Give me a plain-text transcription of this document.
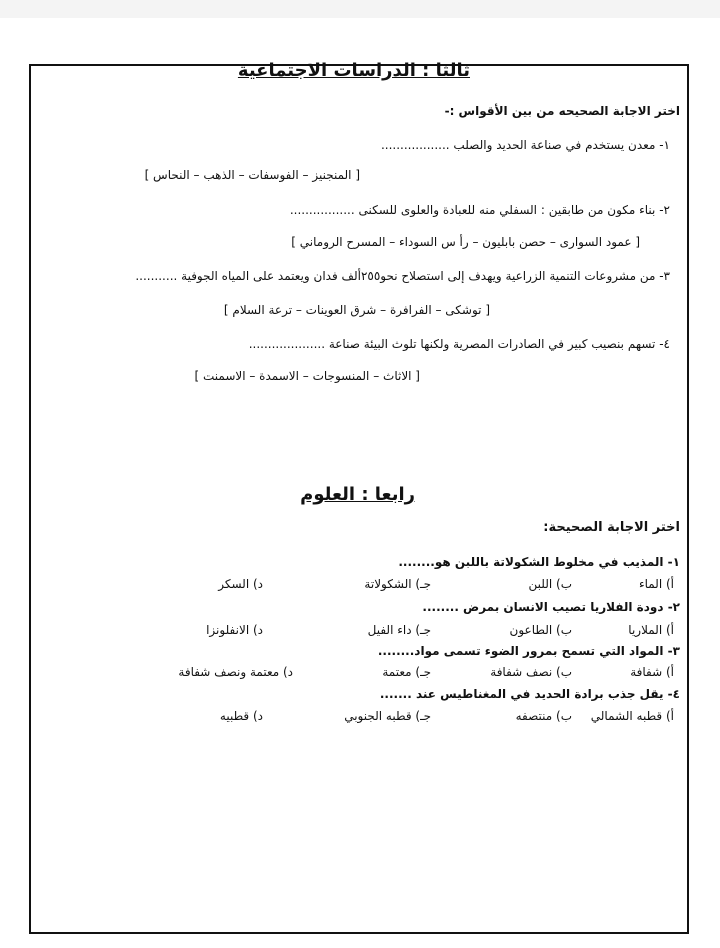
ثالثا : الدراسات الاجتماعية
اختر الاجابة الصحيحه من بين الأقواس :-
١- معدن يستخدم في صناعة الحديد والصلب ..................
[ المنجنيز – الفوسفات – الذهب – النحاس ]
٢- بناء مكون من طابقين : السفلي منه للعبادة والعلوى للسكنى .................
[ عمود السوارى – حصن بابليون – رأ س السوداء – المسرح الروماني ]
٣- من مشروعات التنمية الزراعية ويهدف إلى استصلاح نحو٢٥٥ألف فدان ويعتمد على المياه الجوفية ...........
[ توشكى – الفرافرة – شرق العوينات – ترعة السلام ]
٤- تسهم بنصيب كبير في الصادرات المصرية ولكنها تلوث البيئة صناعة ....................
[ الاثاث – المنسوجات – الاسمدة – الاسمنت ]
رابعا : العلوم
اختر الاجابة الصحيحة:
١- المذيب في مخلوط الشكولاتة باللبن هو........
أ) الماء
ب) اللبن
جـ) الشكولاتة
د) السكر
٢- دودة الفلاريا تصيب الانسان بمرض ........
أ) الملاريا
ب) الطاعون
جـ) داء الفيل
د) الانفلونزا
٣- المواد التي تسمح بمرور الضوء تسمى مواد........
أ) شفافة
ب) نصف شفافة
جـ) معتمة
د) معتمة ونصف شفافة
٤- يقل جذب برادة الحديد في المغناطيس عند .......
أ) قطبه الشمالي
ب) منتصفه
جـ) قطبه الجنوبي
د) قطبيه
